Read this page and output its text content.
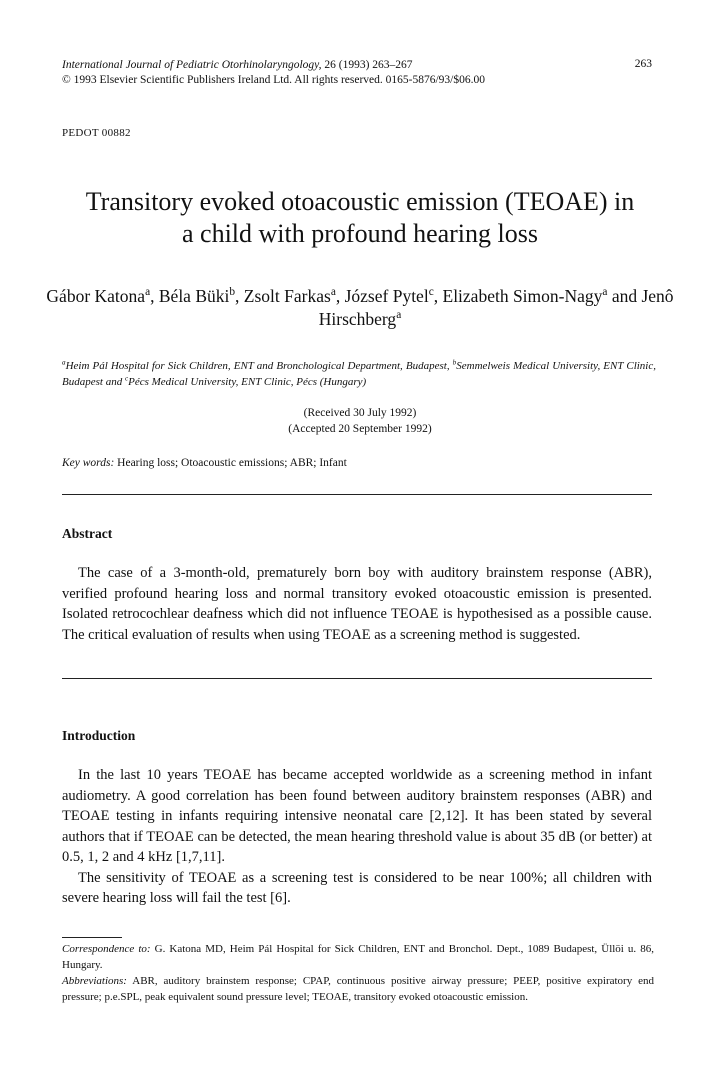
International Journal of Pediatric Otorhinolaryngology, 26 (1993) 263–267
© 1993 Elsevier Scientific Publishers Ireland Ltd. All rights reserved. 0165-5876/93/$06.00
263
PEDOT 00882
Transitory evoked otoacoustic emission (TEOAE) in
a child with profound hearing loss
Gábor Katona$^a$, Béla Büki$^b$, Zsolt Farkas$^a$, József Pytel$^c$, Elizabeth Simon-Nagy$^a$ and Jenô Hirschberg$^a$
$^a$Heim Pál Hospital for Sick Children, ENT and Bronchological Department, Budapest, $^b$Semmelweis Medical University, ENT Clinic, Budapest and $^c$Pécs Medical University, ENT Clinic, Pécs (Hungary)
(Received 30 July 1992)
(Accepted 20 September 1992)
Key words: Hearing loss; Otoacoustic emissions; ABR; Infant
Abstract

The case of a 3-month-old, prematurely born boy with auditory brainstem response (ABR), verified profound hearing loss and normal transitory evoked otoacoustic emission is presented. Isolated retrocochlear deafness which did not influence TEOAE is hypothesised as a possible cause. The critical evaluation of results when using TEOAE as a screening method is suggested.

Introduction

In the last 10 years TEOAE has became accepted worldwide as a screening method in infant audiometry. A good correlation has been found between auditory brainstem responses (ABR) and TEOAE testing in infants requiring intensive neonatal care [2,12]. It has been stated by several authors that if TEOAE can be detected, the mean hearing threshold value is about 35 dB (or better) at 0.5, 1, 2 and 4 kHz [1,7,11].

The sensitivity of TEOAE as a screening test is considered to be near 100%; all children with severe hearing loss will fail the test [6].

Correspondence to: G. Katona MD, Heim Pál Hospital for Sick Children, ENT and Bronchol. Dept., 1089 Budapest, Üllöi u. 86, Hungary.

Abbreviations: ABR, auditory brainstem response; CPAP, continuous positive airway pressure; PEEP, positive expiratory end pressure; p.e.SPL, peak equivalent sound pressure level; TEOAE, transitory evoked otoacoustic emission.
